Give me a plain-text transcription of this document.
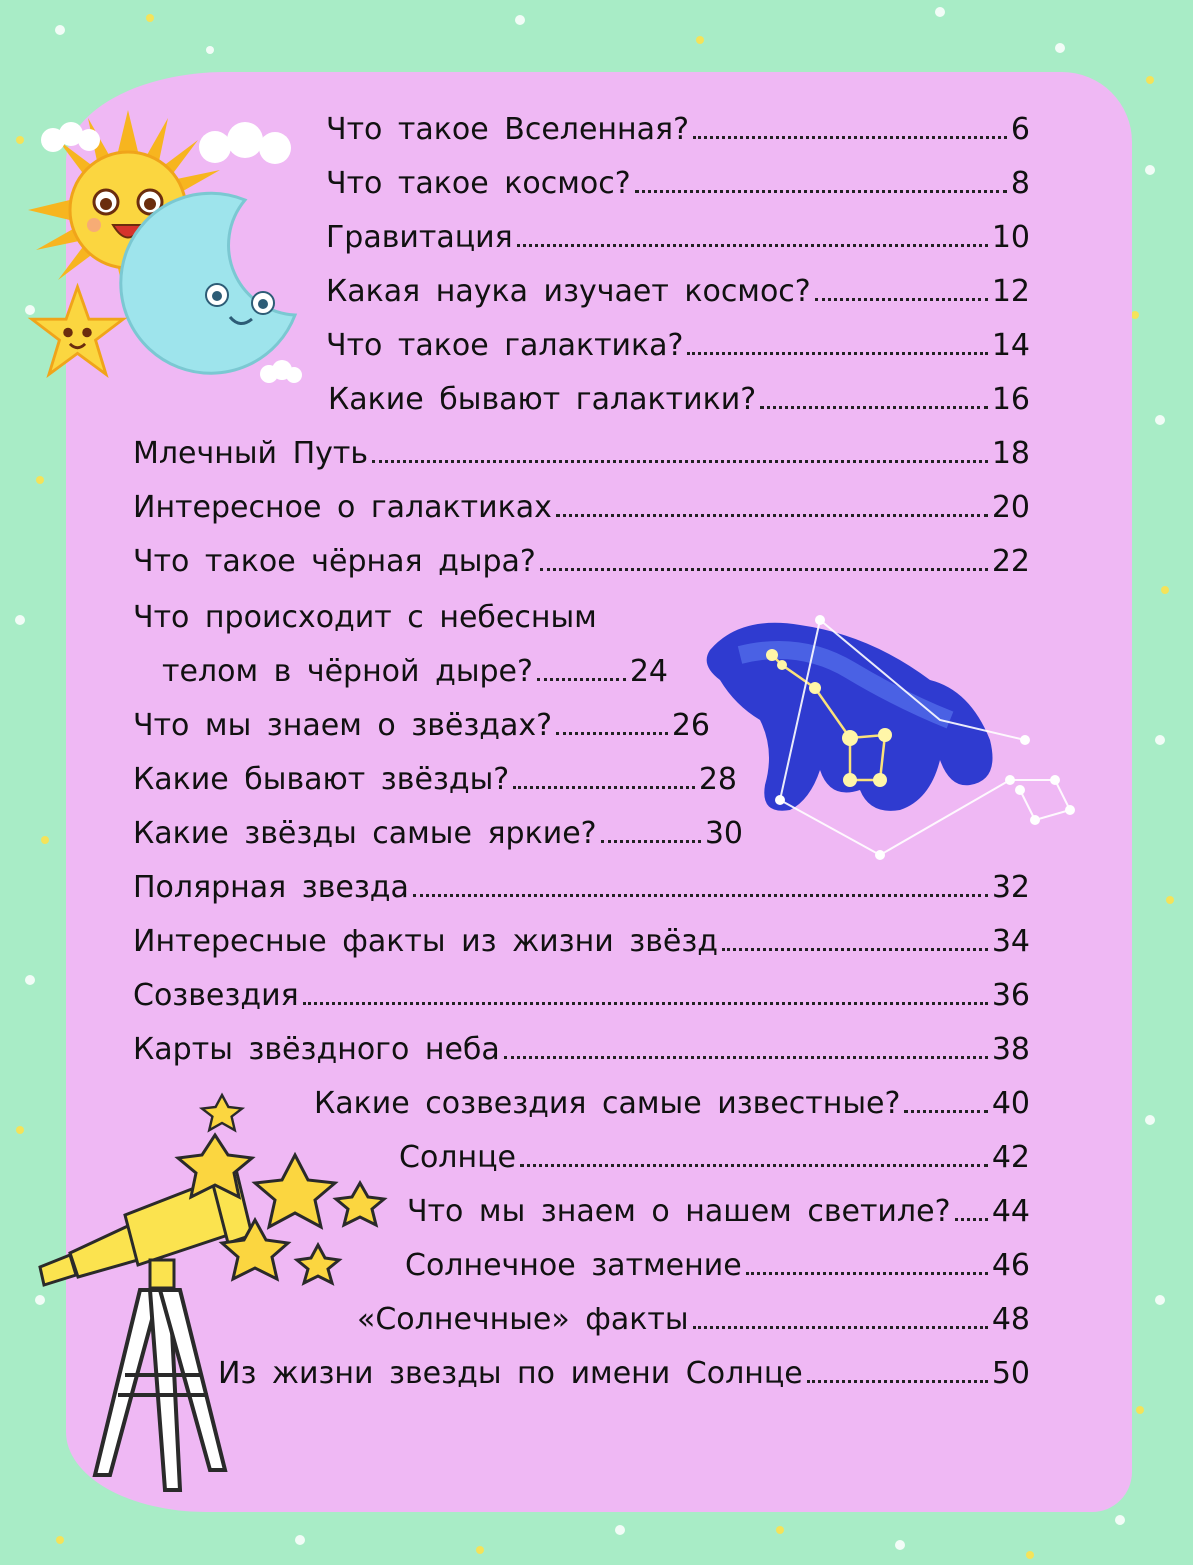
Что такое Вселенная?	6
Что такое космос?	8
Гравитация	10
Какая наука изучает космос?	12
Что такое галактика?	14
Какие бывают галактики?	16
Млечный Путь	18
Интересное о галактиках	20
Что такое чёрная дыра?	22
Что происходит с небесным
телом в чёрной дыре?	24
Что мы знаем о звёздах?	26
Какие бывают звёзды?	28
Какие звёзды самые яркие?	30
Полярная звезда	32
Интересные факты из жизни звёзд	34
Созвездия	36
Карты звёздного неба	38
Какие созвездия самые известные?	40
Солнце	42
Что мы знаем о нашем светиле? 44
Солнечное затмение	46
«Солнечные» факты	48
Из жизни звезды по имени Солнце	50
